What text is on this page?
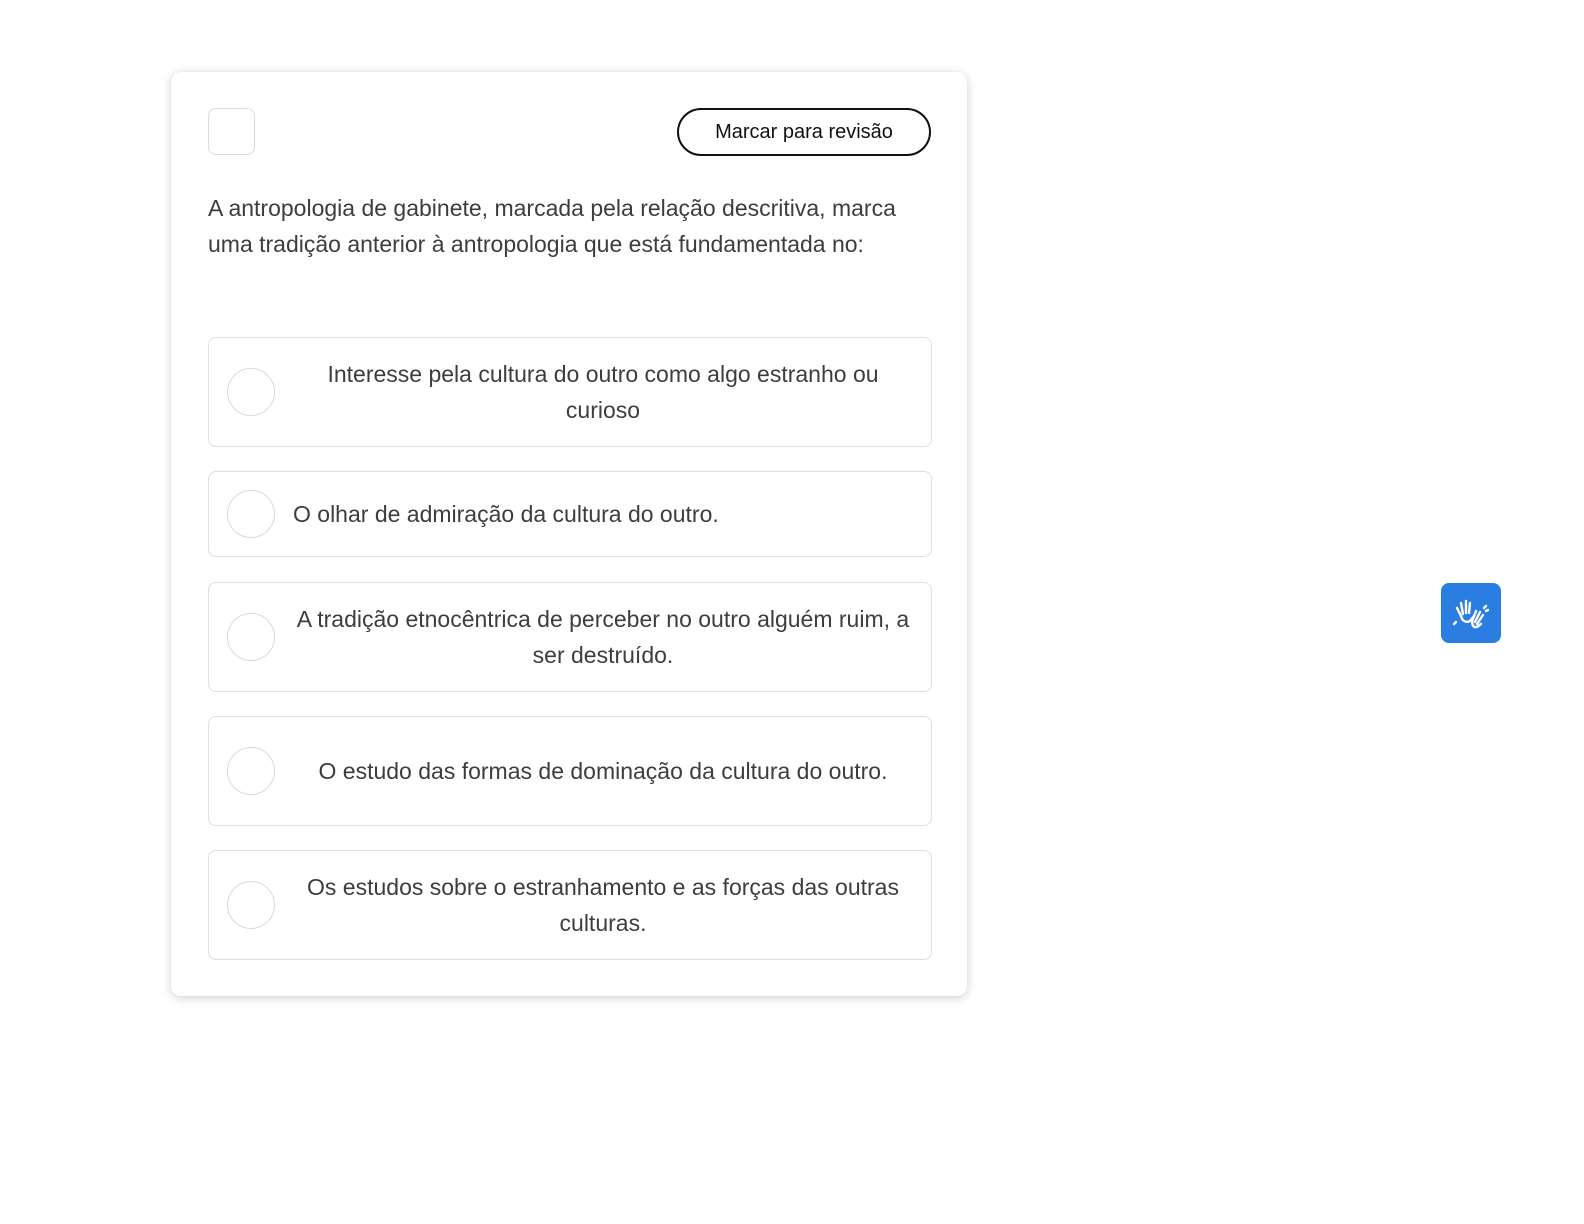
Marcar para revisão

A antropologia de gabinete, marcada pela relação descritiva, marca uma tradição anterior à antropologia que está fundamentada no:

Interesse pela cultura do outro como algo estranho ou curioso
O olhar de admiração da cultura do outro.
A tradição etnocêntrica de perceber no outro alguém ruim, a ser destruído.
O estudo das formas de dominação da cultura do outro.
Os estudos sobre o estranhamento e as forças das outras culturas.
